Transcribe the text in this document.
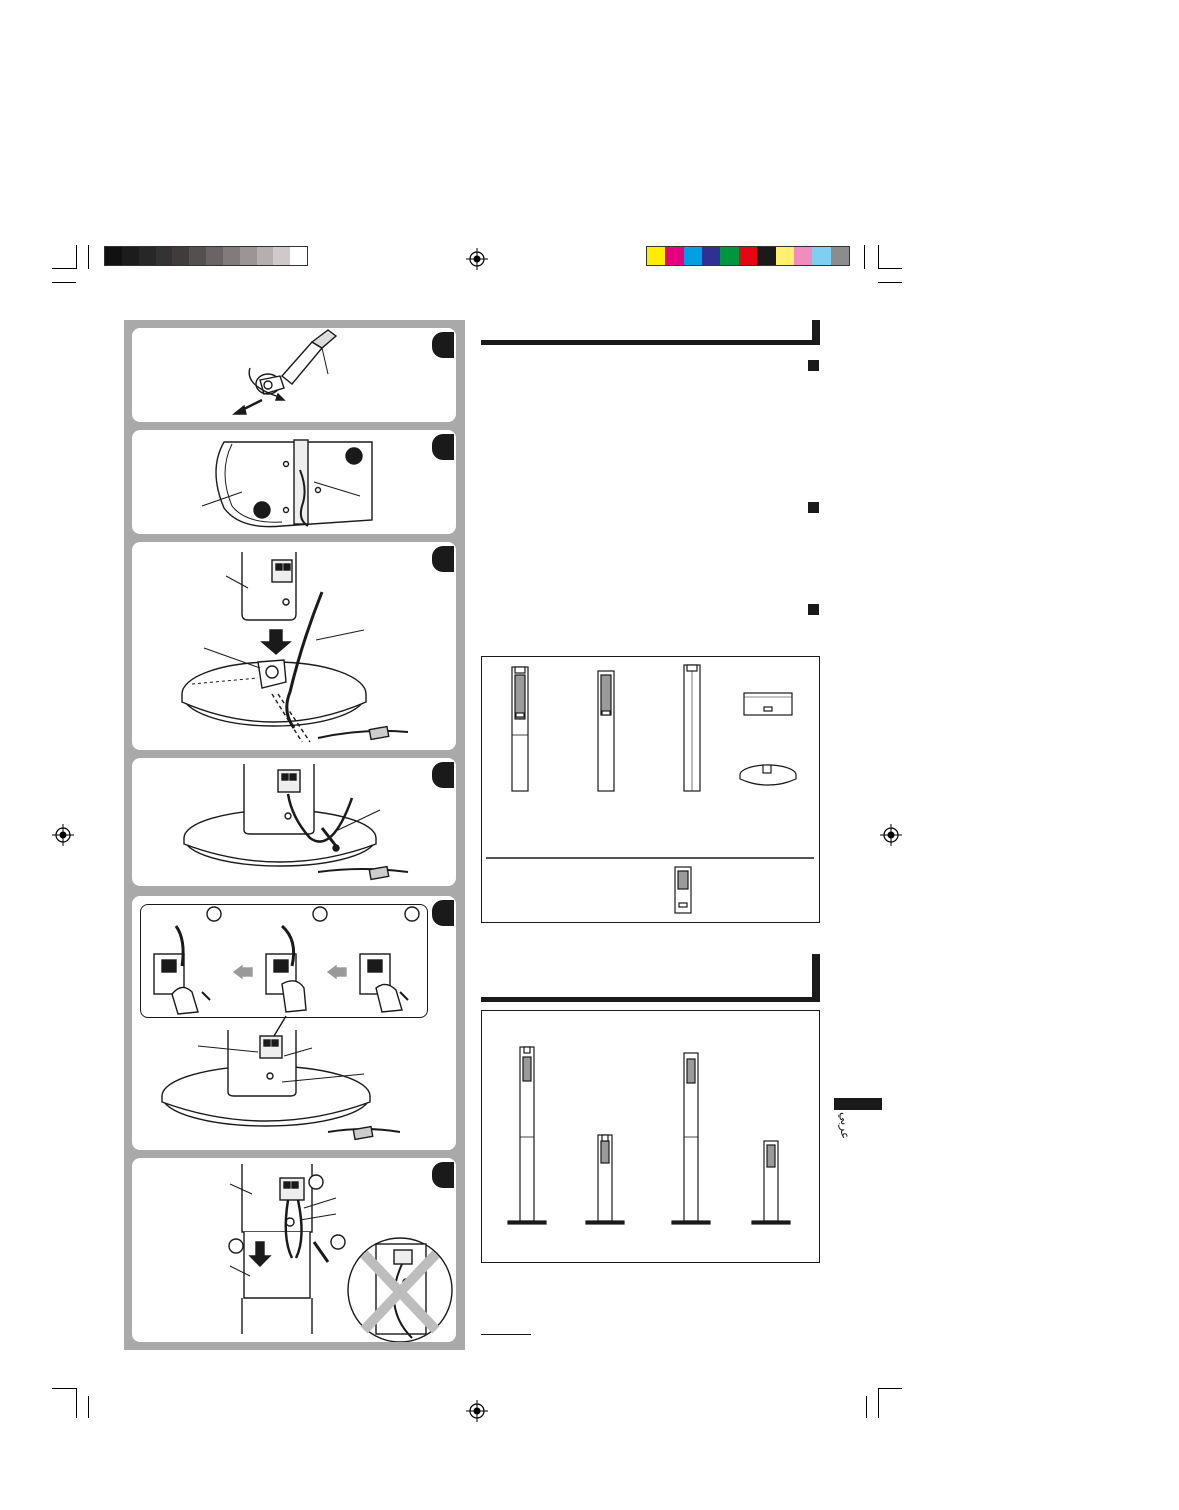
عربي
